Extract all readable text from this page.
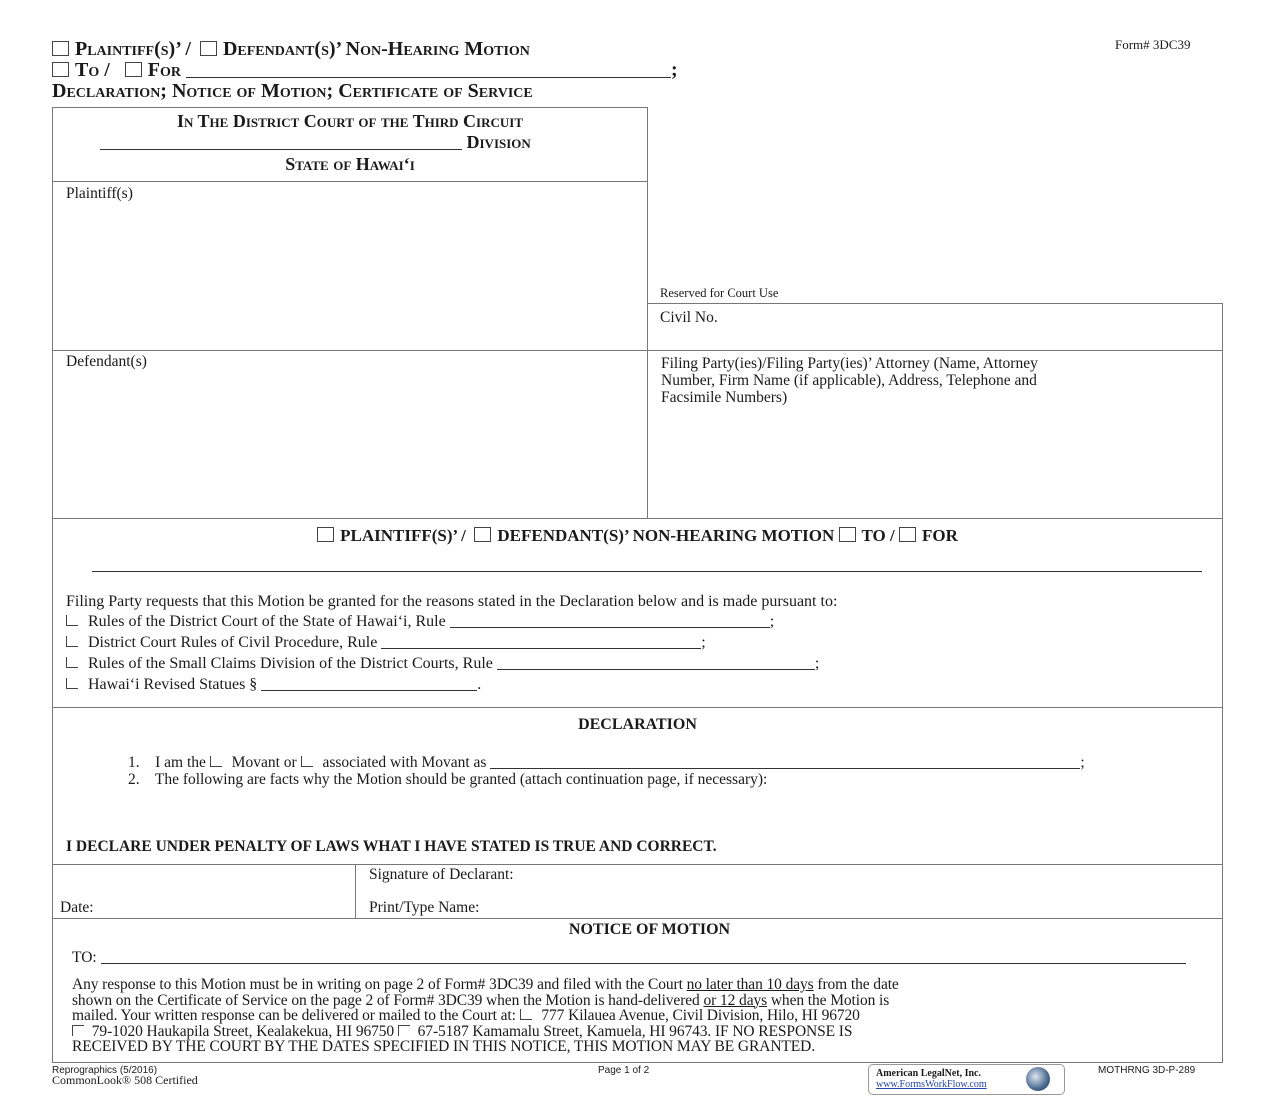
Plaintiff(s)’ / Defendant(s)’ Non-Hearing Motion
To / For	;
Declaration; Notice of Motion; Certificate of Service
Form# 3DC39
In The District Court of the Third Circuit
Division
State of Hawai‘i
Plaintiff(s)
Defendant(s)
Reserved for Court Use
Civil No.
Filing Party(ies)/Filing Party(ies)’ Attorney (Name, Attorney
Number, Firm Name (if applicable), Address, Telephone and
Facsimile Numbers)
PLAINTIFF(S)’ / DEFENDANT(S)’ NON-HEARING MOTION TO / FOR
Filing Party requests that this Motion be granted for the reasons stated in the Declaration below and is made pursuant to:
Rules of the District Court of the State of Hawai‘i, Rule	;
District Court Rules of Civil Procedure, Rule	;
Rules of the Small Claims Division of the District Courts, Rule	;
Hawai‘i Revised Statues §	.
DECLARATION
1. I am the Movant or associated with Movant as	;
2. The following are facts why the Motion should be granted (attach continuation page, if necessary):
I DECLARE UNDER PENALTY OF LAWS WHAT I HAVE STATED IS TRUE AND CORRECT.
Date:
Signature of Declarant:
Print/Type Name:
NOTICE OF MOTION
TO:
Any response to this Motion must be in writing on page 2 of Form# 3DC39 and filed with the Court no later than 10 days from the date
shown on the Certificate of Service on the page 2 of Form# 3DC39 when the Motion is hand-delivered or 12 days when the Motion is
mailed. Your written response can be delivered or mailed to the Court at: 777 Kilauea Avenue, Civil Division, Hilo, HI 96720
79-1020 Haukapila Street, Kealakekua, HI 96750 67-5187 Kamamalu Street, Kamuela, HI 96743. IF NO RESPONSE IS
RECEIVED BY THE COURT BY THE DATES SPECIFIED IN THIS NOTICE, THIS MOTION MAY BE GRANTED.
Reprographics (5/2016)
CommonLook® 508 Certified
Page 1 of 2	American LegalNet, Inc.
www.FormsWorkFlow.com
MOTHRNG 3D-P-289
